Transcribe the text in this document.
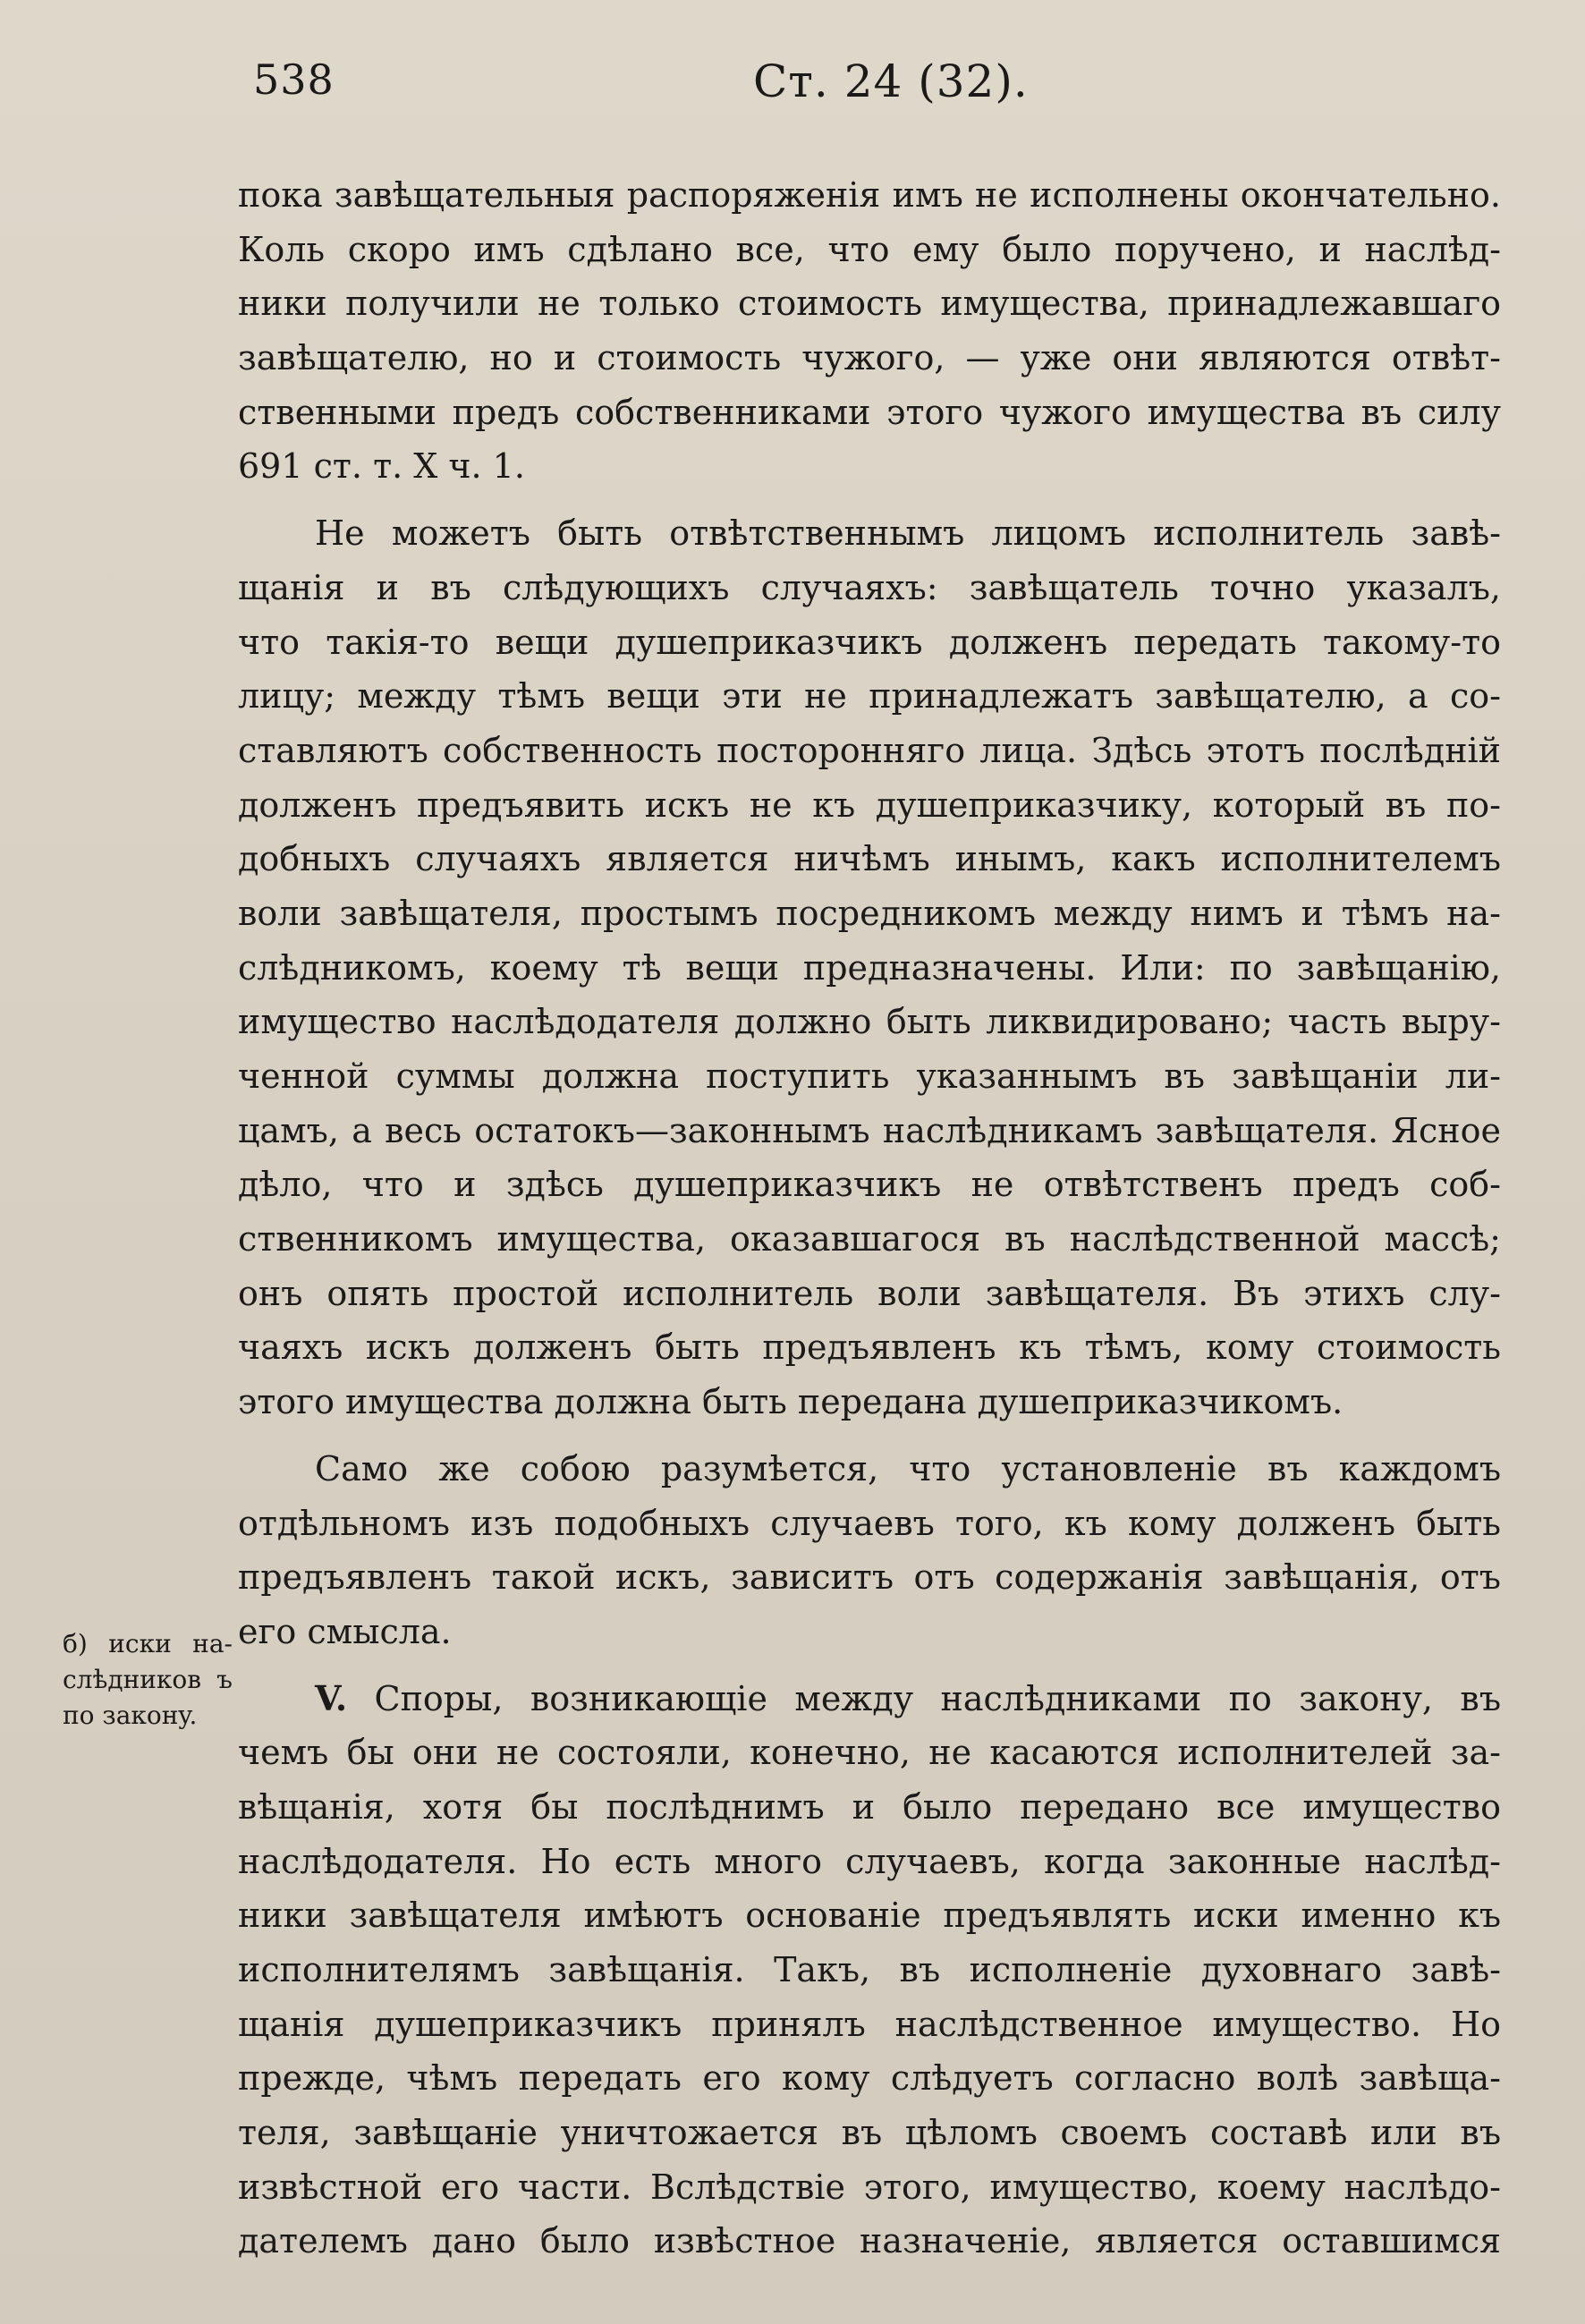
538	Ст. 24 (32).
б) иски на-
слѣдников ъ
по законy.
пока завѣщательныя распоряженія имъ не исполнены окончательно.
Коль скоро имъ сдѣлано все, что ему было поручено, и наслѣд-
ники получили не только стоимость имущества, принадлежавшаго
завѣщателю, но и стоимость чужого, — уже они являются отвѣт-
ственными предъ собственниками этого чужого имущества въ силу
691 ст. т. X ч. 1.
Не можетъ быть отвѣтственнымъ лицомъ исполнитель завѣ-
щанія и въ слѣдующихъ случаяхъ: завѣщатель точно указалъ,
что такія-то вещи душеприказчикъ долженъ передать такому-то
лицу; между тѣмъ вещи эти не принадлежатъ завѣщателю, а со-
ставляютъ собственность посторонняго лица. Здѣсь этотъ послѣдній
долженъ предъявить искъ не къ душеприказчику, который въ по-
добныхъ случаяхъ является ничѣмъ инымъ, какъ исполнителемъ
воли завѣщателя, простымъ посредникомъ между нимъ и тѣмъ на-
слѣдникомъ, коему тѣ вещи предназначены. Или: по завѣщанію,
имущество наслѣдодателя должно быть ликвидировано; часть выру-
ченной суммы должна поступить указаннымъ въ завѣщаніи ли-
цамъ, а весь остатокъ—законнымъ наслѣдникамъ завѣщателя. Ясное
дѣло, что и здѣсь душеприказчикъ не отвѣтственъ предъ соб-
ственникомъ имущества, оказавшагося въ наслѣдственной массѣ;
онъ опять простой исполнитель воли завѣщателя. Въ этихъ слу-
чаяхъ искъ долженъ быть предъявленъ къ тѣмъ, кому стоимость
этого имущества должна быть передана душеприказчикомъ.
Само же собою разумѣется, что установленіе въ каждомъ
отдѣльномъ изъ подобныхъ случаевъ того, къ кому долженъ быть
предъявленъ такой искъ, зависитъ отъ содержанія завѣщанія, отъ
его смысла.
V. Споры, возникающіе между наслѣдниками по закону, въ
чемъ бы они не состояли, конечно, не касаются исполнителей за-
вѣщанія, хотя бы послѣднимъ и было передано все имущество
наслѣдодателя. Но есть много случаевъ, когда законные наслѣд-
ники завѣщателя имѣютъ основаніе предъявлять иски именно къ
исполнителямъ завѣщанія. Такъ, въ исполненіе духовнаго завѣ-
щанія душеприказчикъ принялъ наслѣдственное имущество. Но
прежде, чѣмъ передать его кому слѣдуетъ согласно волѣ завѣща-
теля, завѣщаніе уничтожается въ цѣломъ своемъ составѣ или въ
извѣстной его части. Вслѣдствіе этого, имущество, коему наслѣдо-
дателемъ дано было извѣстное назначеніе, является оставшимся
